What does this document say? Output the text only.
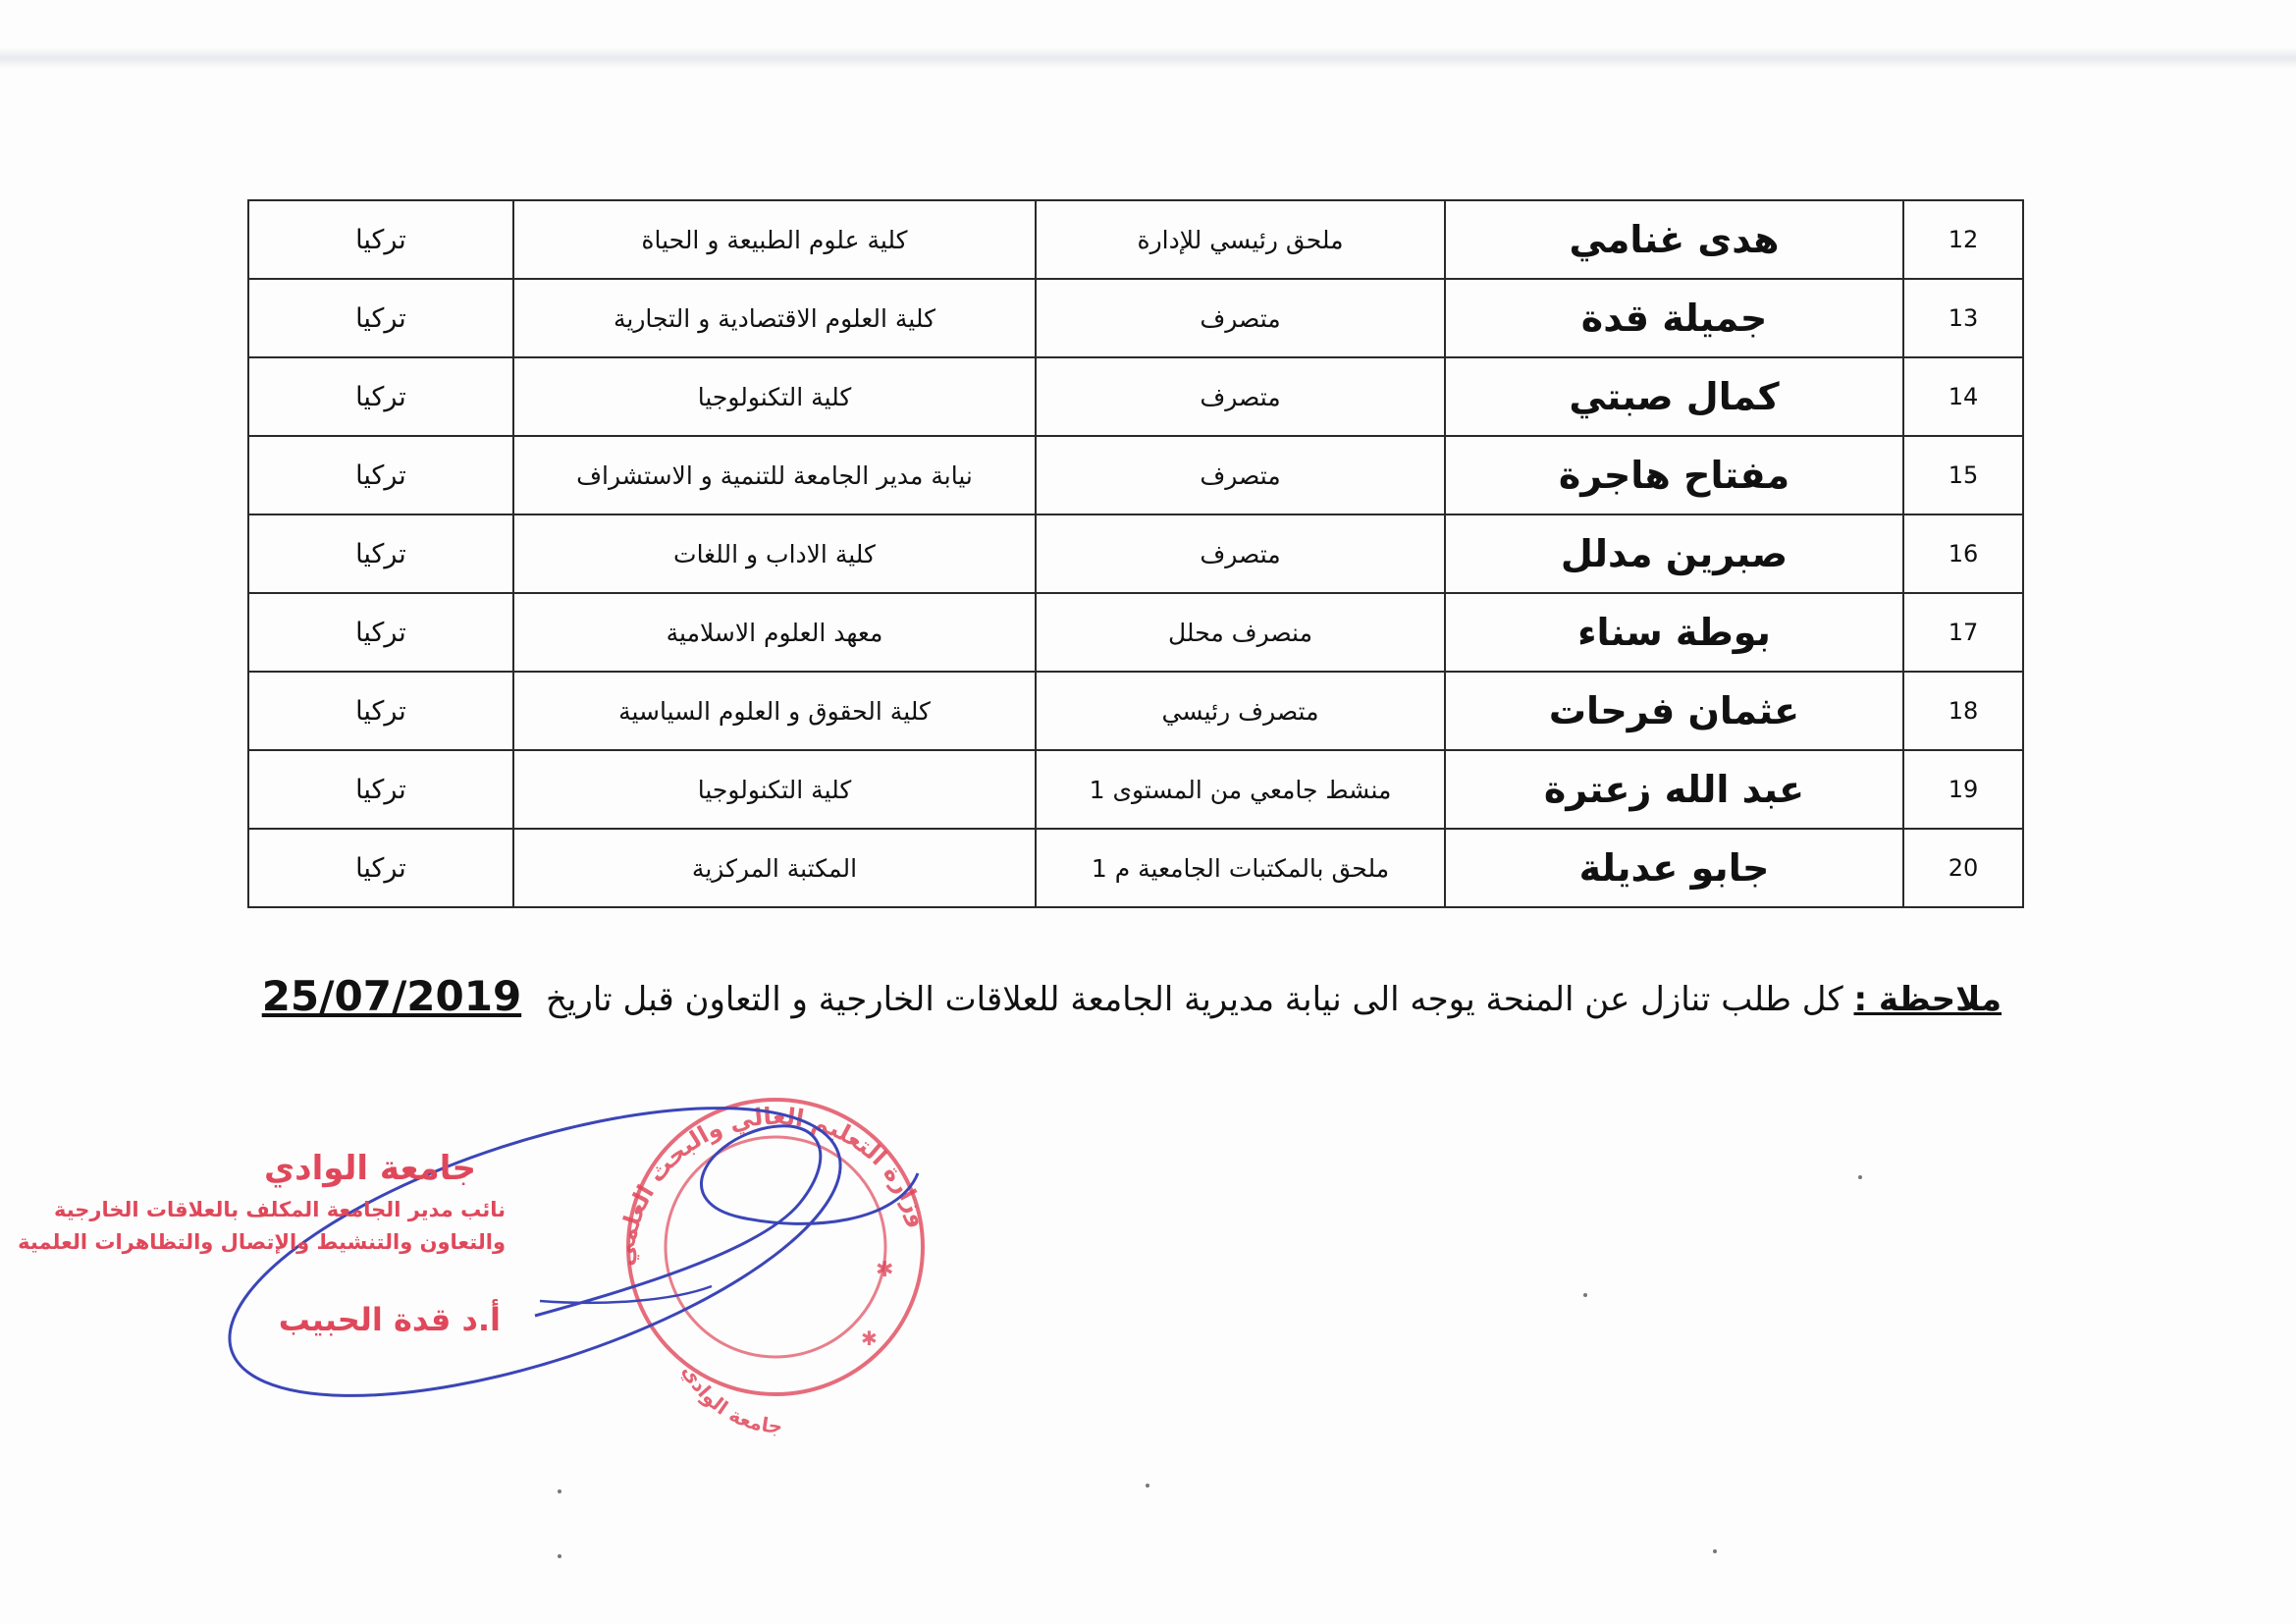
12	هدى غنامي	ملحق رئيسي للإدارة	كلية علوم الطبيعة و الحياة	تركيا
13	جميلة قدة	متصرف	كلية العلوم الاقتصادية و التجارية	تركيا
14	كمال صبتي	متصرف	كلية التكنولوجيا	تركيا
15	مفتاح هاجرة	متصرف	نيابة مدير الجامعة للتنمية و الاستشراف	تركيا
16	صبرين مدلل	متصرف	كلية الاداب و اللغات	تركيا
17	بوطة سناء	منصرف محلل	معهد العلوم الاسلامية	تركيا
18	عثمان فرحات	متصرف رئيسي	كلية الحقوق و العلوم السياسية	تركيا
19	عبد الله زعترة	منشط جامعي من المستوى 1	كلية التكنولوجيا	تركيا
20	جابو عديلة	ملحق بالمكتبات الجامعية م 1	المكتبة المركزية	تركيا
ملاحظة : كل طلب تنازل عن المنحة يوجه الى نيابة مديرية الجامعة للعلاقات الخارجية و التعاون قبل تاريخ 25/07/2019
وزارة التعليم العالي والبحث العلمي
جامعة الوادي
✱
✱
جامعة الوادي
نائب مدير الجامعة المكلف بالعلاقات الخارجية
والتعاون والتنشيط والإتصال والتظاهرات العلمية
أ.د قدة الحبيب
